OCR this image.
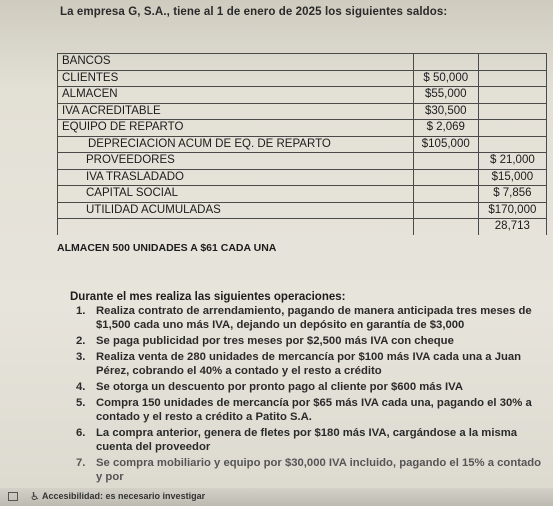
La empresa G, S.A., tiene al 1 de enero de 2025 los siguientes saldos:
BANCOS		
CLIENTES	$ 50,000	
ALMACEN	$55,000	
IVA ACREDITABLE	$30,500	
EQUIPO DE REPARTO	$ 2,069	
DEPRECIACION ACUM DE EQ. DE REPARTO	$105,000	
PROVEEDORES		$ 21,000
IVA TRASLADADO		$15,000
CAPITAL SOCIAL		$ 7,856
UTILIDAD ACUMULADAS		$170,000
		28,713
ALMACEN 500 UNIDADES A $61 CADA UNA
Durante el mes realiza las siguientes operaciones:
1. Realiza contrato de arrendamiento, pagando de manera anticipada tres meses de $1,500 cada uno más IVA, dejando un depósito en garantía de $3,000
2. Se paga publicidad por tres meses por $2,500 más IVA con cheque
3. Realiza venta de 280 unidades de mercancía por $100 más IVA cada una a Juan Pérez, cobrando el 40% a contado y el resto a crédito
4. Se otorga un descuento por pronto pago al cliente por $600 más IVA
5. Compra 150 unidades de mercancía por $65 más IVA cada una, pagando el 30% a contado y el resto a crédito a Patito S.A.
6. La compra anterior, genera de fletes por $180 más IVA, cargándose a la misma cuenta del proveedor
7. Se compra mobiliario y equipo por $30,000 IVA incluido, pagando el 15% a contado y por
♿ Accesibilidad: es necesario investigar
